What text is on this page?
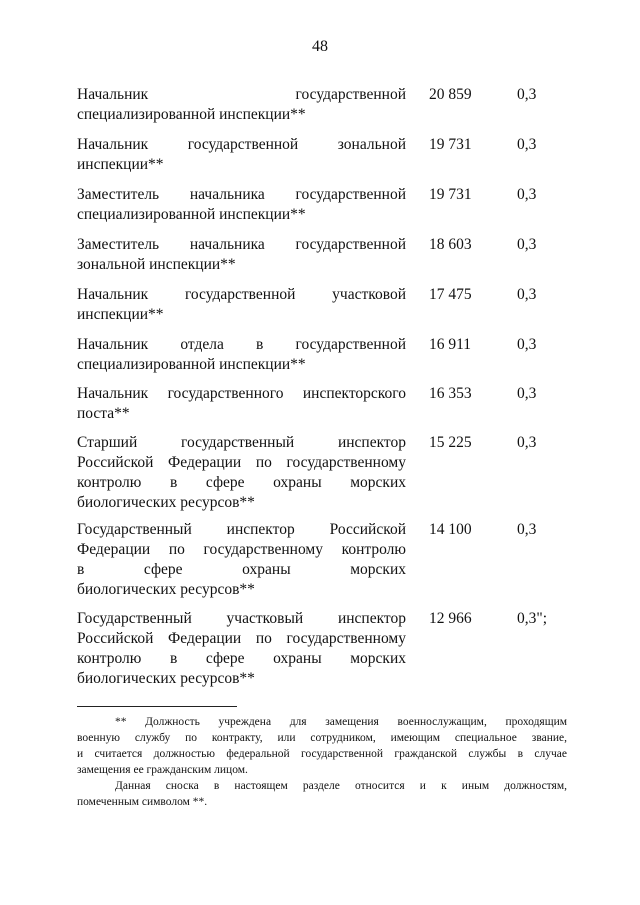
48
Начальник государственной
специализированной инспекции**
20 859	0,3
Начальник государственной зональной
инспекции**
19 731	0,3
Заместитель начальника государственной
специализированной инспекции**
19 731	0,3
Заместитель начальника государственной
зональной инспекции**
18 603	0,3
Начальник государственной участковой
инспекции**
17 475	0,3
Начальник отдела в государственной
специализированной инспекции**
16 911	0,3
Начальник государственного инспекторского
поста**
16 353	0,3
Старший государственный инспектор
Российской Федерации по государственному
контролю в сфере охраны морских
биологических ресурсов**
15 225	0,3
Государственный инспектор Российской
Федерации по государственному контролю
в сфере охраны морских
биологических ресурсов**
14 100	0,3
Государственный участковый инспектор
Российской Федерации по государственному
контролю в сфере охраны морских
биологических ресурсов**
12 966	0,3";
** Должность учреждена для замещения военнослужащим, проходящим
военную службу по контракту, или сотрудником, имеющим специальное звание,
и считается должностью федеральной государственной гражданской службы в случае
замещения ее гражданским лицом.
Данная сноска в настоящем разделе относится и к иным должностям,
помеченным символом **.
